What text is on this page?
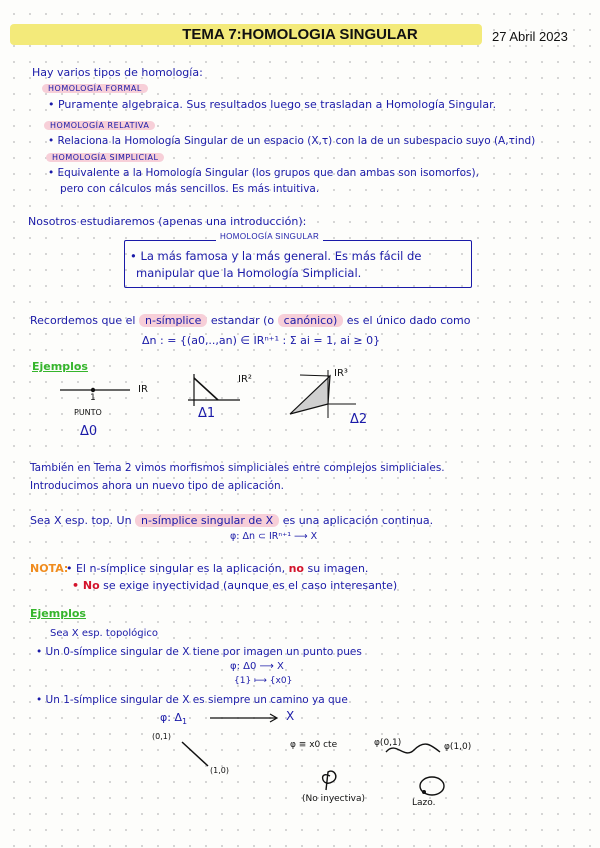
TEMA 7:HOMOLOGIA SINGULAR	27 Abril 2023
Hay varios tipos de homología:
HOMOLOGÍA FORMAL
• Puramente algebraica. Sus resultados luego se trasladan a Homología Singular.
HOMOLOGÍA RELATIVA
• Relaciona la Homología Singular de un espacio (X,τ) con la de un subespacio suyo (A,τind)
HOMOLOGÍA SIMPLICIAL
• Equivalente a la Homología Singular (los grupos que dan ambas son isomorfos),
pero con cálculos más sencillos. Es más intuitiva.
Nosotros estudiaremos (apenas una introducción):
HOMOLOGÍA SINGULAR
• La más famosa y la más general. Es más fácil de
manipular que la Homología Simplicial.
Recordemos que el n-símplice estandar (o canónico) es el único dado como
Δn : = {(a0,..,an) ∈ IRⁿ⁺¹ : Σ ai = 1, ai ≥ 0}
Ejemplos
IR
1
PUNTO
Δ0
IR²
Δ1
IR³
Δ2
También en Tema 2 vimos morfismos simpliciales entre complejos simpliciales.
Introducimos ahora un nuevo tipo de aplicación.
Sea X esp. top. Un n-símplice singular de X es una aplicación continua.
φ: Δn ⊂ IRⁿ⁺¹ ⟶ X
NOTA:
• El n-símplice singular es la aplicación, no su imagen.
• No se exige inyectividad (aunque es el caso interesante)
Ejemplos
Sea X esp. topológico
• Un 0-símplice singular de X tiene por imagen un punto pues
φ: Δ0 ⟶ X
{1} ⟼ {x0}
• Un 1-símplice singular de X es siempre un camino ya que
φ: $\Delta_1$	X
(0,1)
(1,0)
φ ≡ x0 cte	φ(0,1)	φ(1,0)
(No inyectiva)	Lazo.
